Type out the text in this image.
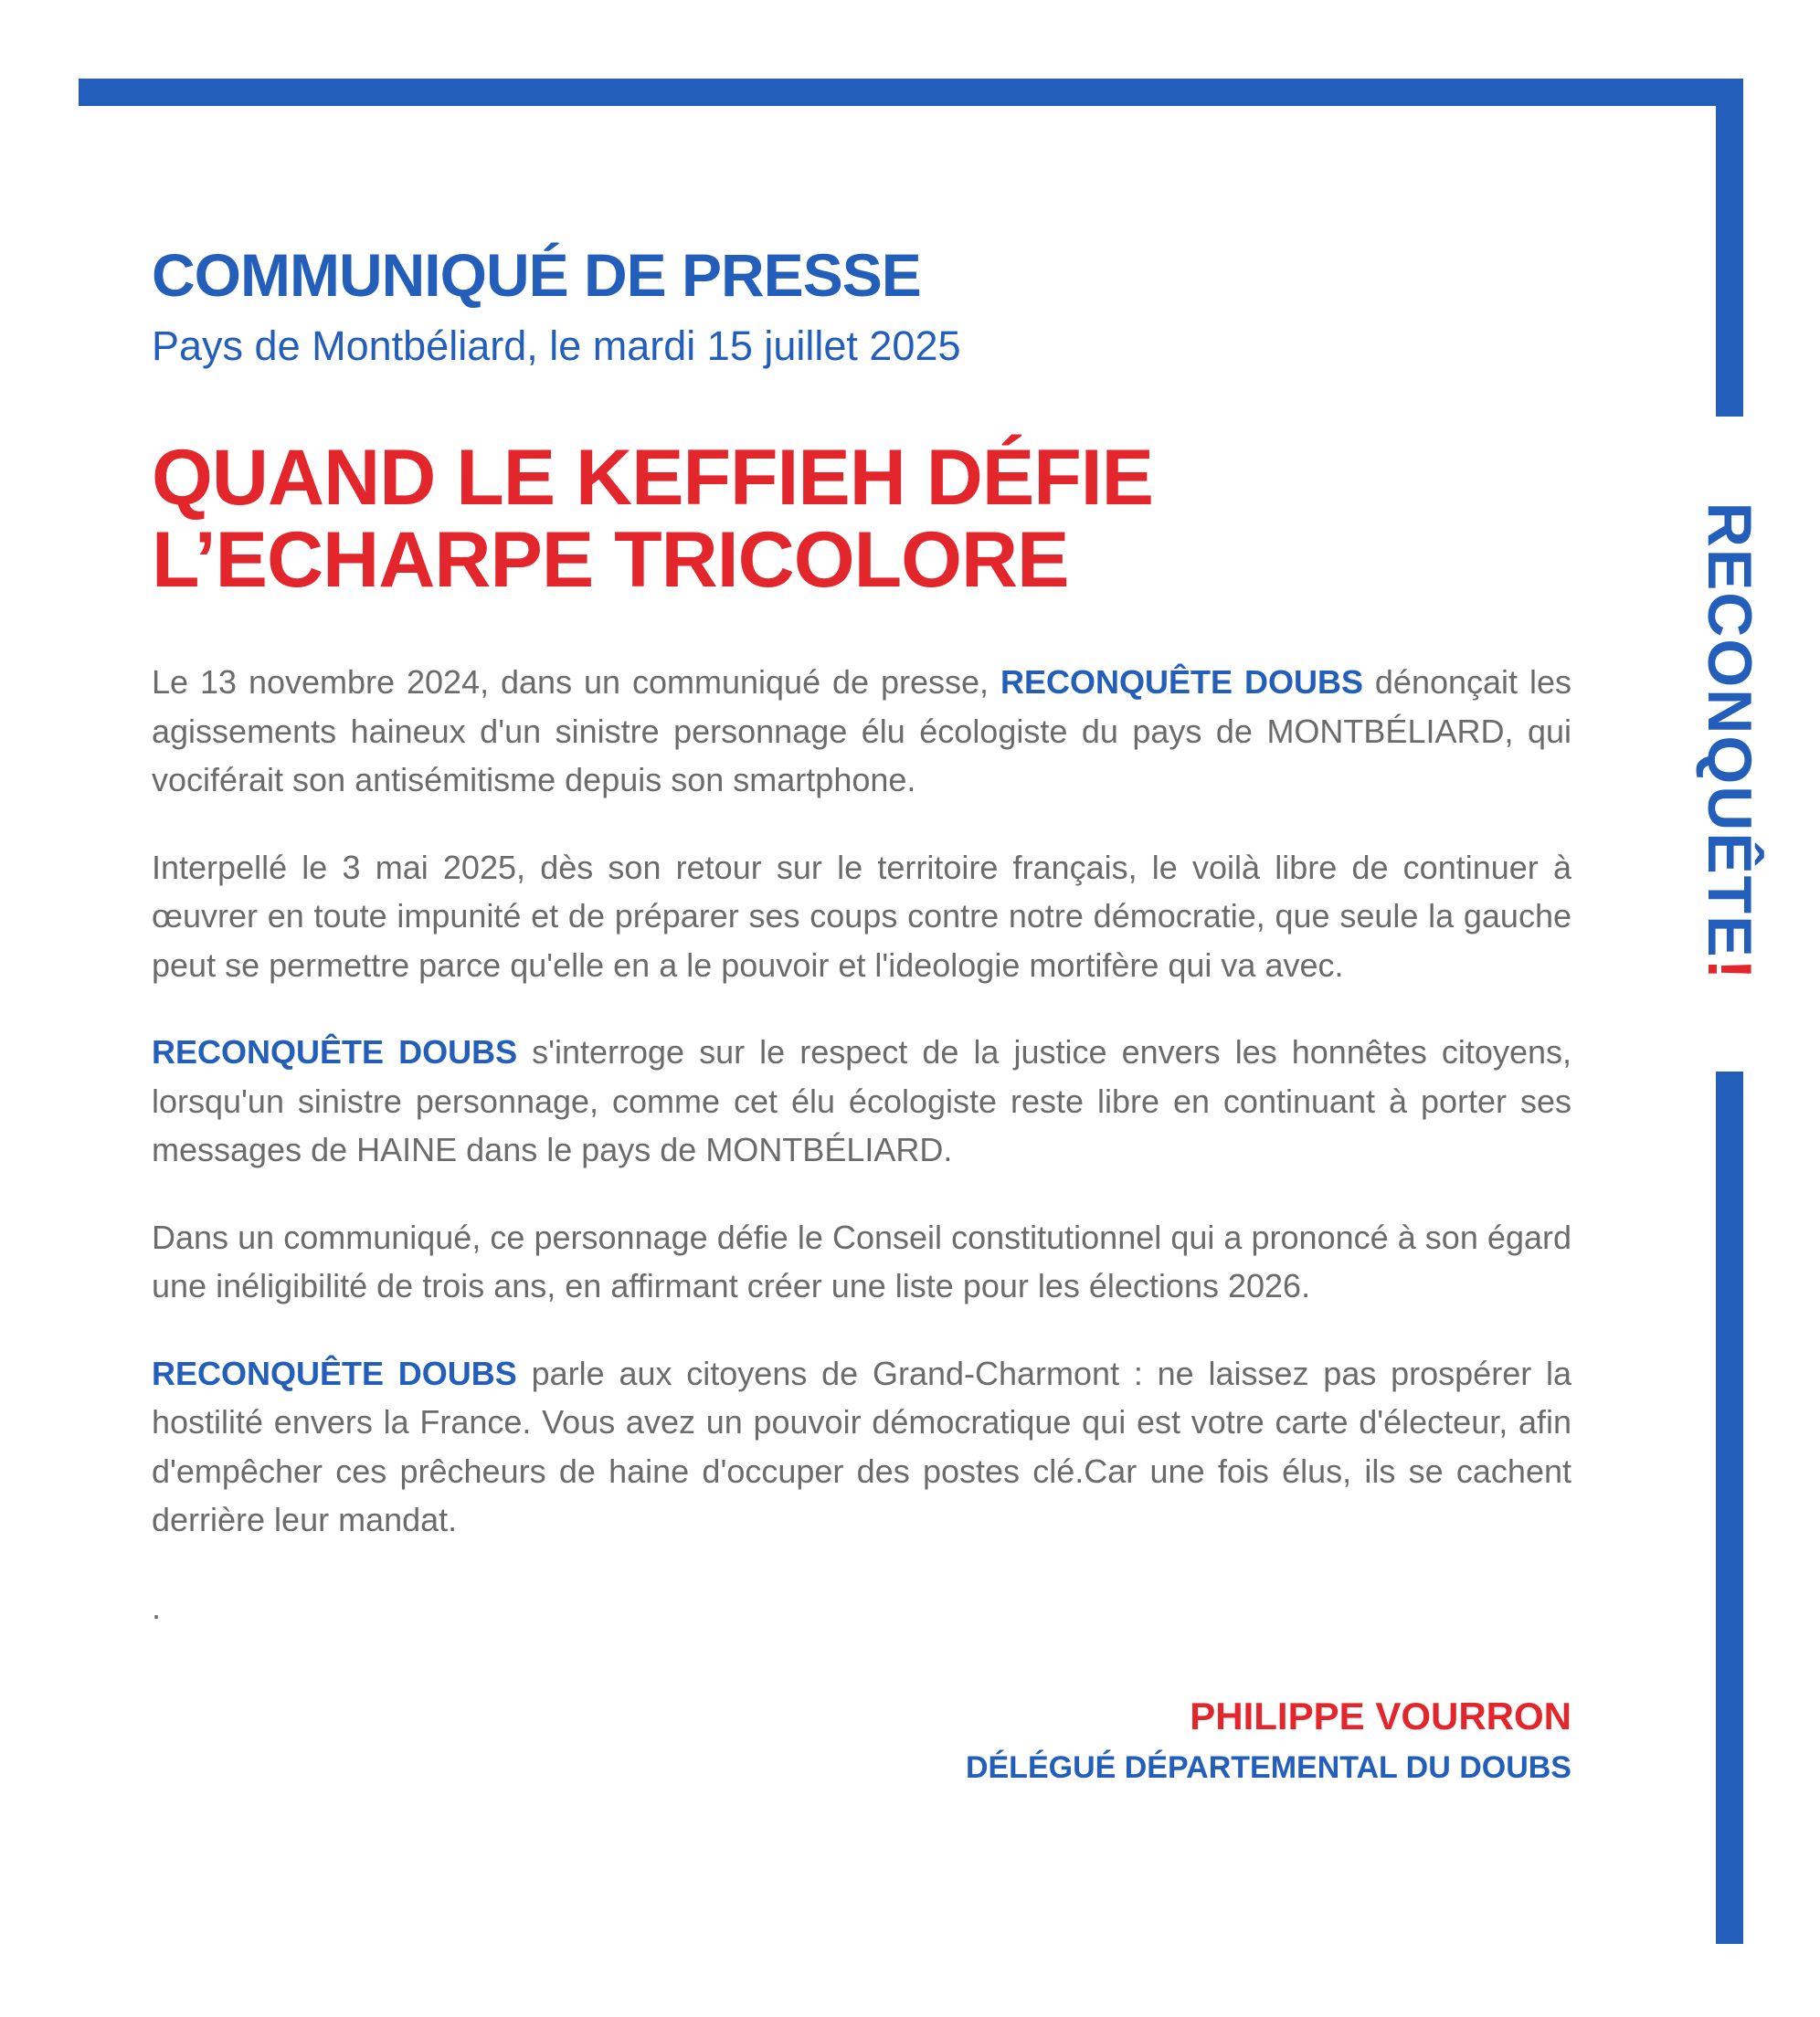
RECONQUÊTE!
COMMUNIQUÉ DE PRESSE
Pays de Montbéliard, le mardi 15 juillet 2025
QUAND LE KEFFIEH DÉFIE L’ECHARPE TRICOLORE

Le 13 novembre 2024, dans un communiqué de presse, RECONQUÊTE DOUBS dénonçait les agissements haineux d'un sinistre personnage élu écologiste du pays de MONTBÉLIARD, qui vociférait son antisémitisme depuis son smartphone.

Interpellé le 3 mai 2025, dès son retour sur le territoire français, le voilà libre de continuer à œuvrer en toute impunité et de préparer ses coups contre notre démocratie, que seule la gauche peut se permettre parce qu'elle en a le pouvoir et l'ideologie mortifère qui va avec.

RECONQUÊTE DOUBS s'interroge sur le respect de la justice envers les honnêtes citoyens, lorsqu'un sinistre personnage, comme cet élu écologiste reste libre en continuant à porter ses messages de HAINE dans le pays de MONTBÉLIARD.

Dans un communiqué, ce personnage défie le Conseil constitutionnel qui a prononcé à son égard une inéligibilité de trois ans, en affirmant créer une liste pour les élections 2026.

RECONQUÊTE DOUBS parle aux citoyens de Grand-Charmont : ne laissez pas prospérer la hostilité envers la France. Vous avez un pouvoir démocratique qui est votre carte d'électeur, afin d'empêcher ces prêcheurs de haine d'occuper des postes clé.Car une fois élus, ils se cachent derrière leur mandat.

.

PHILIPPE VOURRON
DÉLÉGUÉ DÉPARTEMENTAL DU DOUBS
